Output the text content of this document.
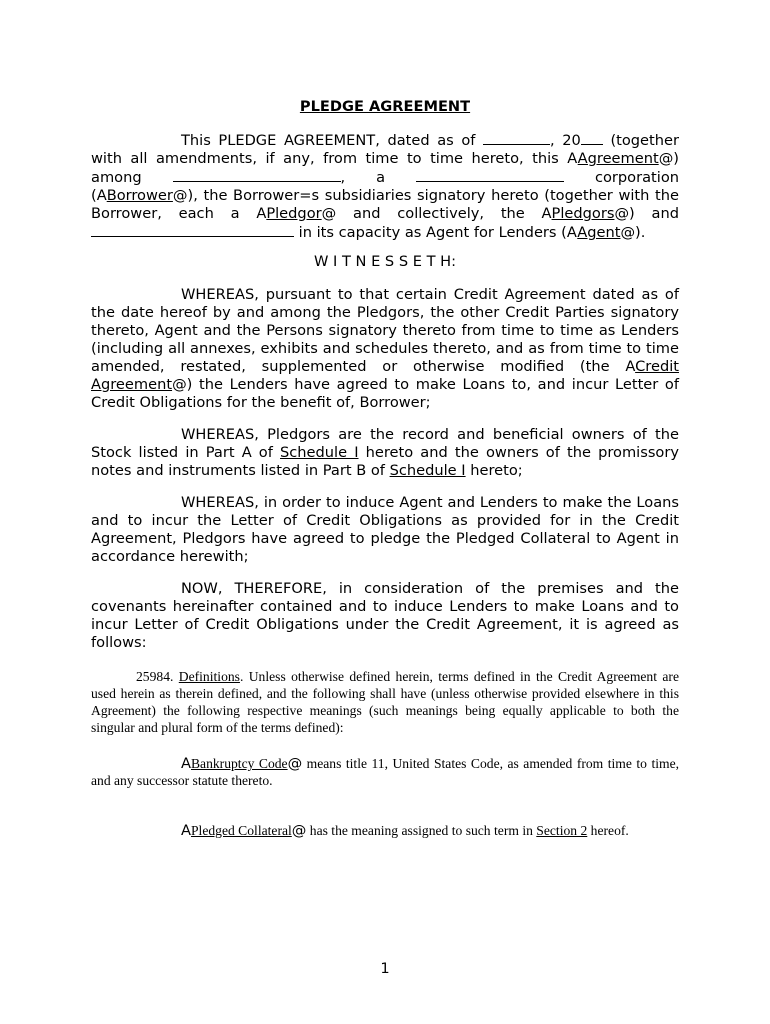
PLEDGE AGREEMENT
This PLEDGE AGREEMENT, dated as of	, 20 (together with all amendments, if any, from time to time hereto, this AAgreement@) among	, a	corporation (ABorrower@), the Borrower=s subsidiaries signatory hereto (together with the Borrower, each a APledgor@ and collectively, the APledgors@) and  in its capacity as Agent for Lenders (AAgent@).
W I T N E S S E T H:
WHEREAS, pursuant to that certain Credit Agreement dated as of the date hereof by and among the Pledgors, the other Credit Parties signatory thereto, Agent and the Persons signatory thereto from time to time as Lenders (including all annexes, exhibits and schedules thereto, and as from time to time amended, restated, supplemented or otherwise modified (the ACredit Agreement@) the Lenders have agreed to make Loans to, and incur Letter of Credit Obligations for the benefit of, Borrower;
WHEREAS, Pledgors are the record and beneficial owners of the Stock listed in Part A of Schedule I hereto and the owners of the promissory notes and instruments listed in Part B of Schedule I hereto;
WHEREAS, in order to induce Agent and Lenders to make the Loans and to incur the Letter of Credit Obligations as provided for in the Credit Agreement, Pledgors have agreed to pledge the Pledged Collateral to Agent in accordance herewith;
NOW, THEREFORE, in consideration of the premises and the covenants hereinafter contained and to induce Lenders to make Loans and to incur Letter of Credit Obligations under the Credit Agreement, it is agreed as follows:
25984. Definitions. Unless otherwise defined herein, terms defined in the Credit Agreement are used herein as therein defined, and the following shall have (unless otherwise provided elsewhere in this Agreement) the following respective meanings (such meanings being equally applicable to both the singular and plural form of the terms defined):
ABankruptcy Code@ means title 11, United States Code, as amended from time to time, and any successor statute thereto.
APledged Collateral@ has the meaning assigned to such term in Section 2 hereof.
1
